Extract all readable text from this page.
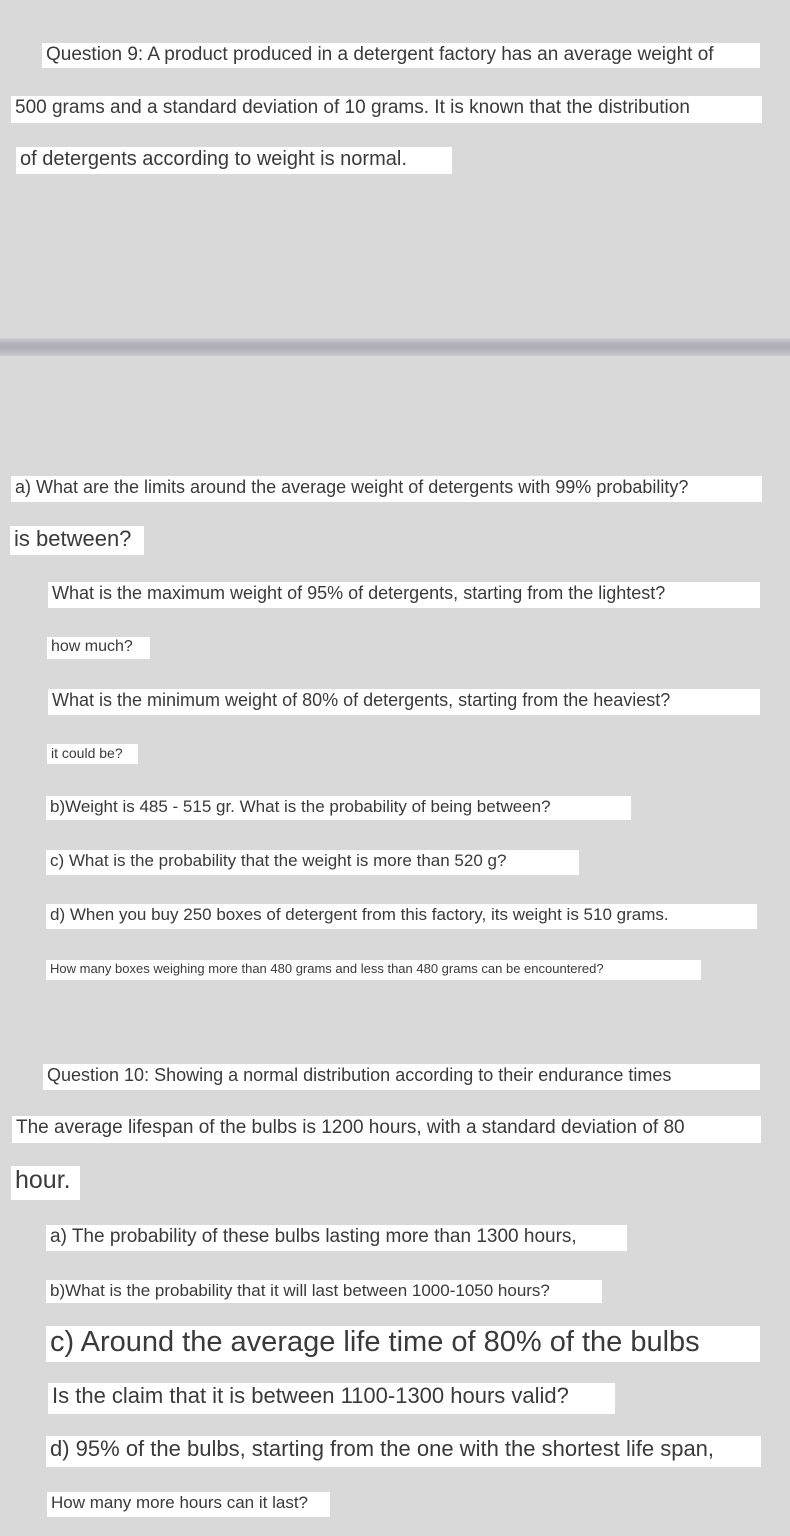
Question 9: A product produced in a detergent factory has an average weight of
500 grams and a standard deviation of 10 grams. It is known that the distribution
of detergents according to weight is normal.
a) What are the limits around the average weight of detergents with 99% probability?
is between?
What is the maximum weight of 95% of detergents, starting from the lightest?
how much?
What is the minimum weight of 80% of detergents, starting from the heaviest?
it could be?
b)Weight is 485 - 515 gr. What is the probability of being between?
c) What is the probability that the weight is more than 520 g?
d) When you buy 250 boxes of detergent from this factory, its weight is 510 grams.
How many boxes weighing more than 480 grams and less than 480 grams can be encountered?
Question 10: Showing a normal distribution according to their endurance times
The average lifespan of the bulbs is 1200 hours, with a standard deviation of 80
hour.
a) The probability of these bulbs lasting more than 1300 hours,
b)What is the probability that it will last between 1000-1050 hours?
c) Around the average life time of 80% of the bulbs
Is the claim that it is between 1100-1300 hours valid?
d) 95% of the bulbs, starting from the one with the shortest life span,
How many more hours can it last?
